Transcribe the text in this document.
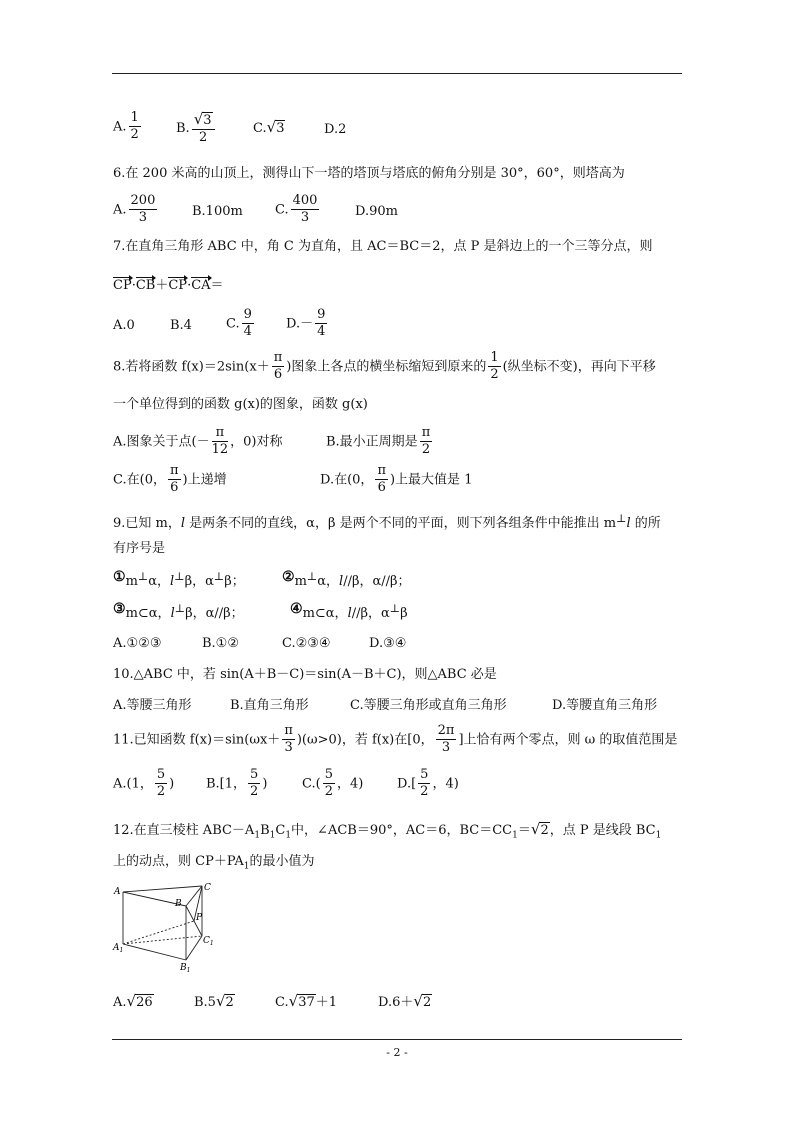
A. $\frac{1}{2}$	B. $\frac{√3}{2}$	C.√3	D.2
6.在 200 米高的山顶上，测得山下一塔的塔顶与塔底的俯角分别是 30°，60°，则塔高为
A. $\frac{200}{3}$	B.100m C. $\frac{400}{3}$	D.90m
7.在直角三角形 ABC 中，角 C 为直角，且 AC＝BC＝2，点 P 是斜边上的一个三等分点，则
CP·CB＋CP·CA＝
A.0	B.4	C. $\frac{9}{4} D.- \frac{9}{4}$
8.若将函数 $f(x)=2\sin(x+ \frac{\pi}{6}$ )图象上各点的横坐标缩短到原来的 $\frac{1}{2}$ (纵坐标不变)，再向下平移
一个单位得到的函数 g(x)的图象，函数 g(x)
A.图象关于点(－ $\frac{\pi}{12}$ ，0)对称	B.最小正周期是 $\frac{\pi}{2}$
C.在(0， $\frac{\pi}{6}$ )上递增	D.在(0， $\frac{\pi}{6}$ )上最大值是 1
9.已知 m，l 是两条不同的直线，α，β 是两个不同的平面，则下列各组条件中能推出 m⊥l 的所
有序号是
①m⊥α，l⊥β，α⊥β；	②m⊥α，l//β，α//β；
③m⊂α，l⊥β，α//β；	④m⊂α，l//β，α⊥β
A.①②③	B.①②	C.②③④	D.③④
10.△ABC 中，若 sin(A＋B－C)＝sin(A－B＋C)，则△ABC 必是
A.等腰三角形	B.直角三角形	C.等腰三角形或直角三角形	D.等腰直角三角形
11.已知函数 $f(x)=\sin(\omega x+ \frac{\pi}{3} )(\omega>0)$，若 f(x)在[0， $\frac{2\pi}{3}$ ]上恰有两个零点，则 ω 的取值范围是
A.(1， $\frac{5}{2}$ ) B.[1， $\frac{5}{2}$ )	$C.( \frac{5}{2}$ ，4)	$D.[ \frac{5}{2}$ ，4)
12.在直三棱柱 $ABC-A_1B_1C_1$中，∠ACB＝90°，AC＝6，$BC=CC_1=√2$，点 P 是线段 $BC_1$
上的动点，则 $CP+PA_1$的最小值为
A	C
B
P
$A_1$
$C_1$
$B_1$
A.√26	B.5√2	C.√37＋1	D.6＋√2
- 2 -
